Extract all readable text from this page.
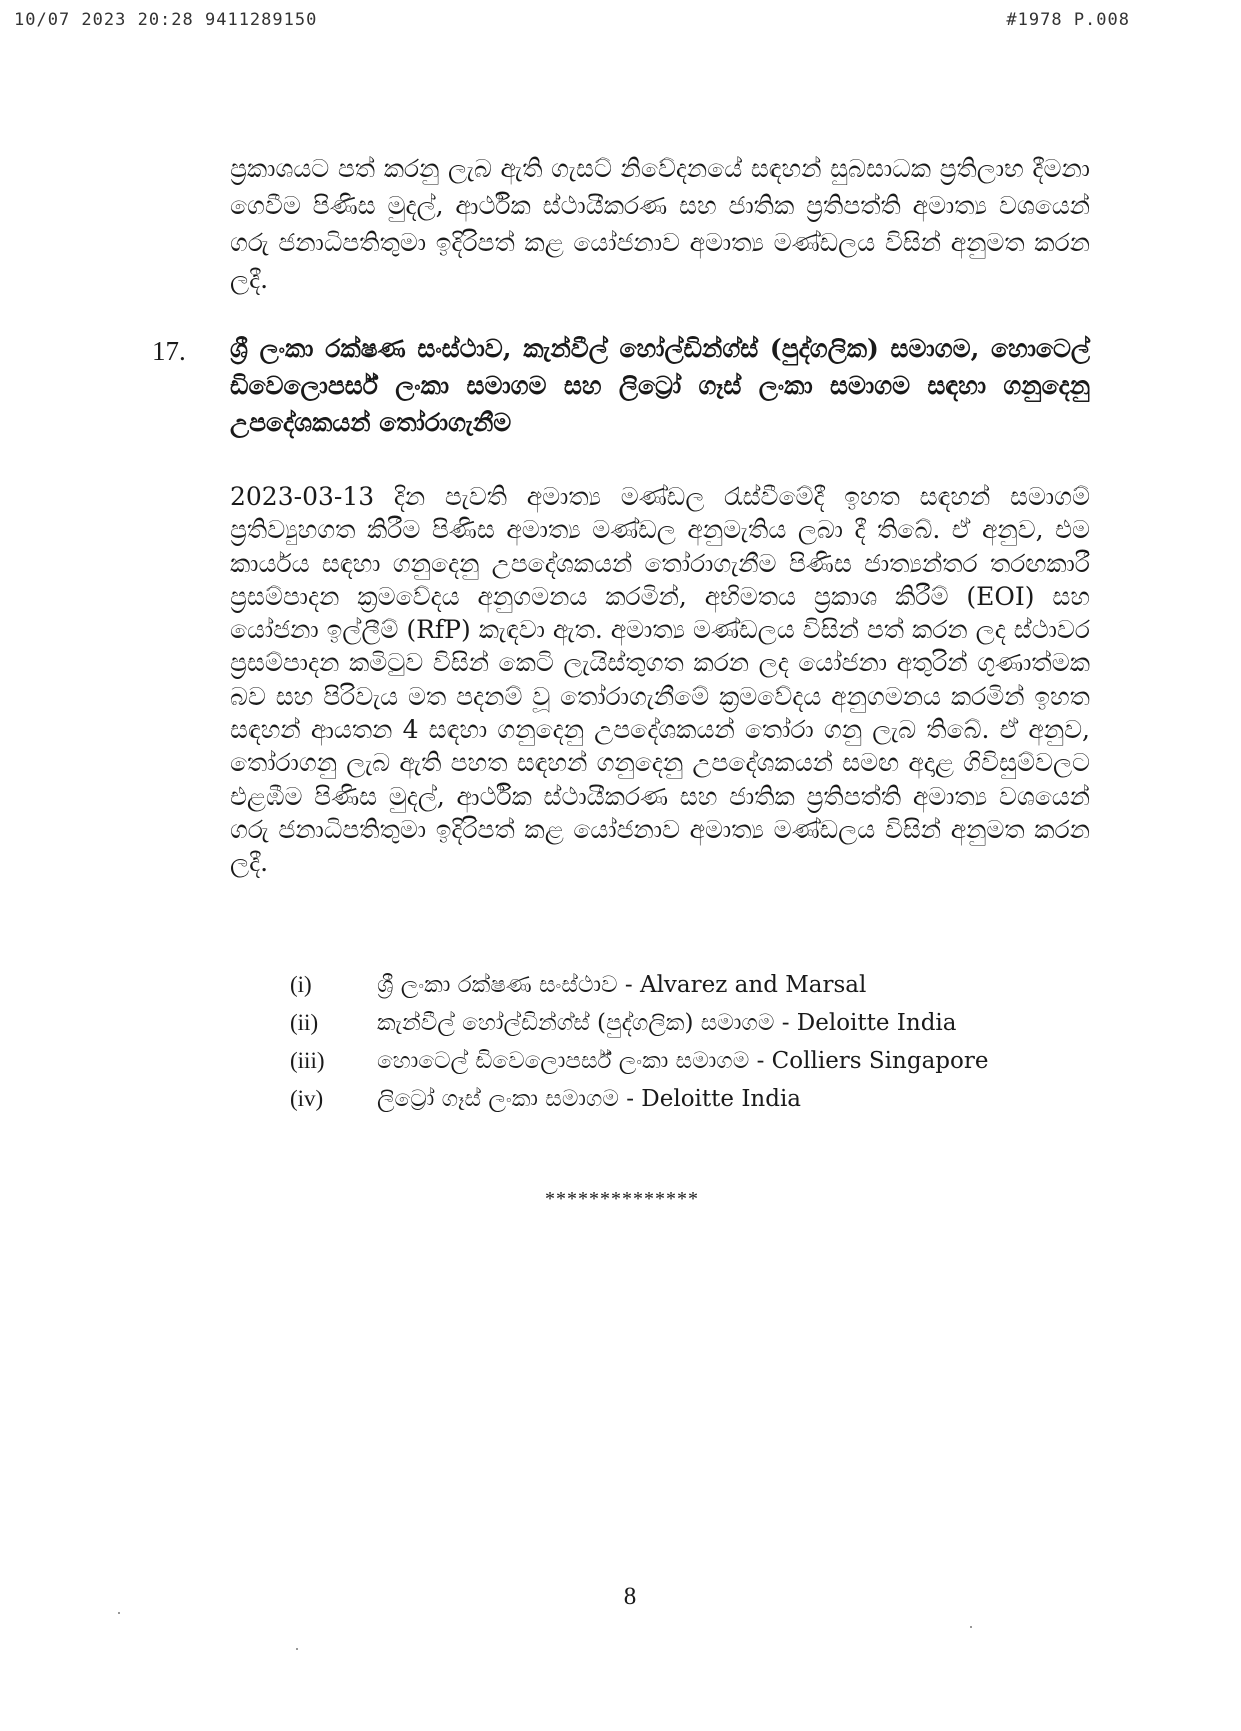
10/07 2023 20:28 9411289150	#1978 P.008

ප්‍රකාශයට පත් කරනු ලැබ ඇති ගැසට් නිවේදනයේ සඳහන් සුබසාධක ප්‍රතිලාභ දීමනා ගෙවීම පිණිස මුදල්, ආර්ථික ස්ථායීකරණ සහ ජාතික ප්‍රතිපත්ති අමාත්‍ය වශයෙන් ගරු ජනාධිපතිතුමා ඉදිරිපත් කළ යෝජනාව අමාත්‍ය මණ්ඩලය විසින් අනුමත කරන ලදී.

17. ශ්‍රී ලංකා රක්ෂණ සංස්ථාව, කැන්වීල් හෝල්ඩින්ග්ස් (පුද්ගලික) සමාගම, හොටෙල් ඩිවෙලොපර්ස් ලංකා සමාගම සහ ලිට්‍රෝ ගෑස් ලංකා සමාගම සඳහා ගනුදෙනු උපදේශකයන් තෝරාගැනීම

2023-03-13 දින පැවති අමාත්‍ය මණ්ඩල රැස්වීමේදී ඉහත සඳහන් සමාගම් ප්‍රතිව්‍යුහගත කිරීම පිණිස අමාත්‍ය මණ්ඩල අනුමැතිය ලබා දී තිබේ. ඒ අනුව, එම කාර්යය සඳහා ගනුදෙනු උපදේශකයන් තෝරාගැනීම පිණිස ජාත්‍යන්තර තරඟකාරී ප්‍රසම්පාදන ක්‍රමවේදය අනුගමනය කරමින්, අභිමතය ප්‍රකාශ කිරීම් (EOI) සහ යෝජනා ඉල්ලීම් (RfP) කැඳවා ඇත. අමාත්‍ය මණ්ඩලය විසින් පත් කරන ලද ස්ථාවර ප්‍රසම්පාදන කමිටුව විසින් කෙටි ලැයිස්තුගත කරන ලද යෝජනා අතුරින් ගුණාත්මක බව සහ පිරිවැය මත පදනම් වූ තෝරාගැනීමේ ක්‍රමවේදය අනුගමනය කරමින් ඉහත සඳහන් ආයතන 4 සඳහා ගනුදෙනු උපදේශකයන් තෝරා ගනු ලැබ තිබේ. ඒ අනුව, තෝරාගනු ලැබ ඇති පහත සඳහන් ගනුදෙනු උපදේශකයන් සමඟ අදාළ ගිවිසුම්වලට එළඹීම පිණිස මුදල්, ආර්ථික ස්ථායීකරණ සහ ජාතික ප්‍රතිපත්ති අමාත්‍ය වශයෙන් ගරු ජනාධිපතිතුමා ඉදිරිපත් කළ යෝජනාව අමාත්‍ය මණ්ඩලය විසින් අනුමත කරන ලදී.

(i)	ශ්‍රී ලංකා රක්ෂණ සංස්ථාව - Alvarez and Marsal
(ii)	කැන්වීල් හෝල්ඩින්ග්ස් (පුද්ගලික) සමාගම - Deloitte India
(iii) හොටෙල් ඩිවෙලොපර්ස් ලංකා සමාගම - Colliers Singapore
(iv) ලිට්‍රෝ ගෑස් ලංකා සමාගම - Deloitte India
**************
8
